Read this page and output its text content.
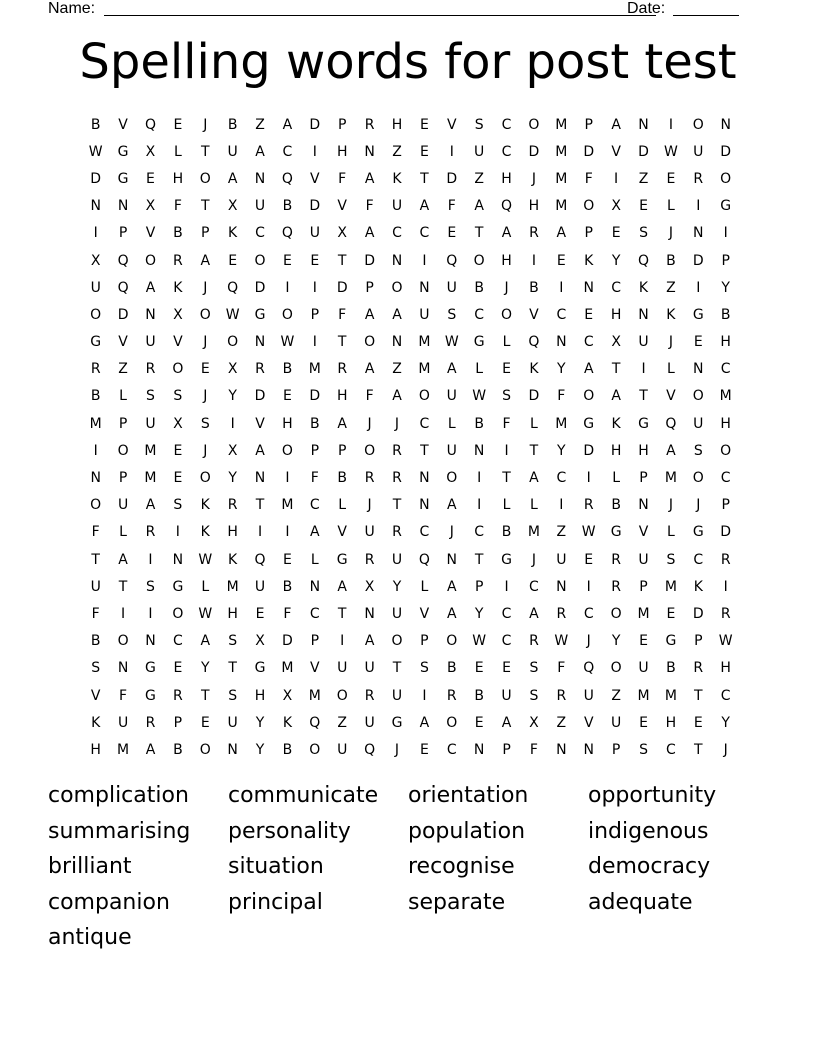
Name:	Date:
Spelling words for post test
B	V	Q	E	J	B	Z	A	D	P	R	H	E	V	S	C	O	M	P	A	N	I	O	N
W	G	X	L	T	U	A	C	I	H	N	Z	E	I	U	C	D	M	D	V	D	W	U	D
D	G	E	H	O	A	N	Q	V	F	A	K	T	D	Z	H	J	M	F	I	Z	E	R	O
N	N	X	F	T	X	U	B	D	V	F	U	A	F	A	Q	H	M	O	X	E	L	I	G
I	P	V	B	P	K	C	Q	U	X	A	C	C	E	T	A	R	A	P	E	S	J	N	I
X	Q	O	R	A	E	O	E	E	T	D	N	I	Q	O	H	I	E	K	Y	Q	B	D	P
U	Q	A	K	J	Q	D	I	I	D	P	O	N	U	B	J	B	I	N	C	K	Z	I	Y
O	D	N	X	O	W	G	O	P	F	A	A	U	S	C	O	V	C	E	H	N	K	G	B
G	V	U	V	J	O	N	W	I	T	O	N	M	W	G	L	Q	N	C	X	U	J	E	H
R	Z	R	O	E	X	R	B	M	R	A	Z	M	A	L	E	K	Y	A	T	I	L	N	C
B	L	S	S	J	Y	D	E	D	H	F	A	O	U	W	S	D	F	O	A	T	V	O	M
M	P	U	X	S	I	V	H	B	A	J	J	C	L	B	F	L	M	G	K	G	Q	U	H
I	O	M	E	J	X	A	O	P	P	O	R	T	U	N	I	T	Y	D	H	H	A	S	O
N	P	M	E	O	Y	N	I	F	B	R	R	N	O	I	T	A	C	I	L	P	M	O	C
O	U	A	S	K	R	T	M	C	L	J	T	N	A	I	L	L	I	R	B	N	J	J	P
F	L	R	I	K	H	I	I	A	V	U	R	C	J	C	B	M	Z	W	G	V	L	G	D
T	A	I	N	W	K	Q	E	L	G	R	U	Q	N	T	G	J	U	E	R	U	S	C	R
U	T	S	G	L	M	U	B	N	A	X	Y	L	A	P	I	C	N	I	R	P	M	K	I
F	I	I	O	W	H	E	F	C	T	N	U	V	A	Y	C	A	R	C	O	M	E	D	R
B	O	N	C	A	S	X	D	P	I	A	O	P	O	W	C	R	W	J	Y	E	G	P	W
S	N	G	E	Y	T	G	M	V	U	U	T	S	B	E	E	S	F	Q	O	U	B	R	H
V	F	G	R	T	S	H	X	M	O	R	U	I	R	B	U	S	R	U	Z	M	M	T	C
K	U	R	P	E	U	Y	K	Q	Z	U	G	A	O	E	A	X	Z	V	U	E	H	E	Y
H	M	A	B	O	N	Y	B	O	U	Q	J	E	C	N	P	F	N	N	P	S	C	T	J
complication	communicate	orientation	opportunity
summarising	personality	population	indigenous
brilliant	situation	recognise	democracy
companion	principal	separate	adequate
antique
